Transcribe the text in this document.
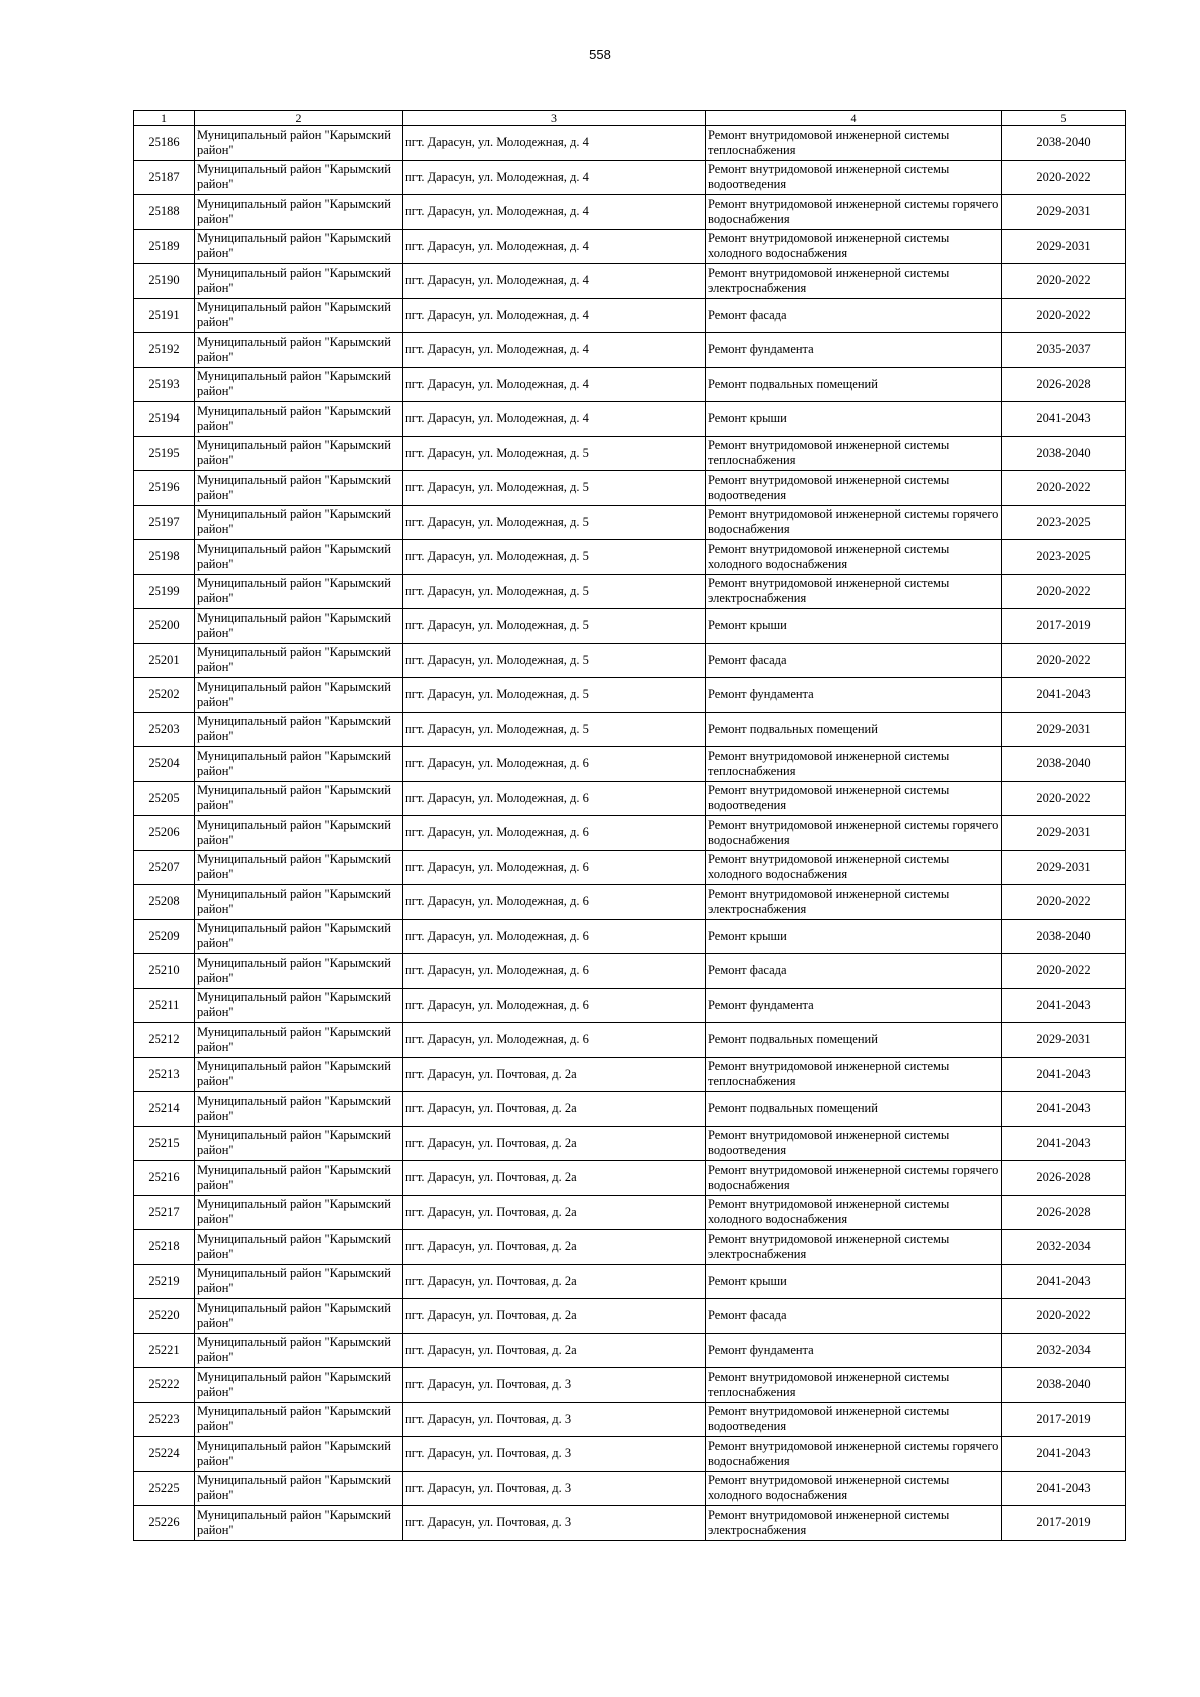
558
1	2	3	4	5
25186	Муниципальный район "Карымский район"	пгт. Дарасун, ул. Молодежная, д. 4	Ремонт внутридомовой инженерной системы теплоснабжения	2038-2040
25187	Муниципальный район "Карымский район"	пгт. Дарасун, ул. Молодежная, д. 4	Ремонт внутридомовой инженерной системы водоотведения	2020-2022
25188	Муниципальный район "Карымский район"	пгт. Дарасун, ул. Молодежная, д. 4	Ремонт внутридомовой инженерной системы горячего водоснабжения	2029-2031
25189	Муниципальный район "Карымский район"	пгт. Дарасун, ул. Молодежная, д. 4	Ремонт внутридомовой инженерной системы холодного водоснабжения	2029-2031
25190	Муниципальный район "Карымский район"	пгт. Дарасун, ул. Молодежная, д. 4	Ремонт внутридомовой инженерной системы электроснабжения	2020-2022
25191	Муниципальный район "Карымский район"	пгт. Дарасун, ул. Молодежная, д. 4	Ремонт фасада	2020-2022
25192	Муниципальный район "Карымский район"	пгт. Дарасун, ул. Молодежная, д. 4	Ремонт фундамента	2035-2037
25193	Муниципальный район "Карымский район"	пгт. Дарасун, ул. Молодежная, д. 4	Ремонт подвальных помещений	2026-2028
25194	Муниципальный район "Карымский район"	пгт. Дарасун, ул. Молодежная, д. 4	Ремонт крыши	2041-2043
25195	Муниципальный район "Карымский район"	пгт. Дарасун, ул. Молодежная, д. 5	Ремонт внутридомовой инженерной системы теплоснабжения	2038-2040
25196	Муниципальный район "Карымский район"	пгт. Дарасун, ул. Молодежная, д. 5	Ремонт внутридомовой инженерной системы водоотведения	2020-2022
25197	Муниципальный район "Карымский район"	пгт. Дарасун, ул. Молодежная, д. 5	Ремонт внутридомовой инженерной системы горячего водоснабжения	2023-2025
25198	Муниципальный район "Карымский район"	пгт. Дарасун, ул. Молодежная, д. 5	Ремонт внутридомовой инженерной системы холодного водоснабжения	2023-2025
25199	Муниципальный район "Карымский район"	пгт. Дарасун, ул. Молодежная, д. 5	Ремонт внутридомовой инженерной системы электроснабжения	2020-2022
25200	Муниципальный район "Карымский район"	пгт. Дарасун, ул. Молодежная, д. 5	Ремонт крыши	2017-2019
25201	Муниципальный район "Карымский район"	пгт. Дарасун, ул. Молодежная, д. 5	Ремонт фасада	2020-2022
25202	Муниципальный район "Карымский район"	пгт. Дарасун, ул. Молодежная, д. 5	Ремонт фундамента	2041-2043
25203	Муниципальный район "Карымский район"	пгт. Дарасун, ул. Молодежная, д. 5	Ремонт подвальных помещений	2029-2031
25204	Муниципальный район "Карымский район"	пгт. Дарасун, ул. Молодежная, д. 6	Ремонт внутридомовой инженерной системы теплоснабжения	2038-2040
25205	Муниципальный район "Карымский район"	пгт. Дарасун, ул. Молодежная, д. 6	Ремонт внутридомовой инженерной системы водоотведения	2020-2022
25206	Муниципальный район "Карымский район"	пгт. Дарасун, ул. Молодежная, д. 6	Ремонт внутридомовой инженерной системы горячего водоснабжения	2029-2031
25207	Муниципальный район "Карымский район"	пгт. Дарасун, ул. Молодежная, д. 6	Ремонт внутридомовой инженерной системы холодного водоснабжения	2029-2031
25208	Муниципальный район "Карымский район"	пгт. Дарасун, ул. Молодежная, д. 6	Ремонт внутридомовой инженерной системы электроснабжения	2020-2022
25209	Муниципальный район "Карымский район"	пгт. Дарасун, ул. Молодежная, д. 6	Ремонт крыши	2038-2040
25210	Муниципальный район "Карымский район"	пгт. Дарасун, ул. Молодежная, д. 6	Ремонт фасада	2020-2022
25211	Муниципальный район "Карымский район"	пгт. Дарасун, ул. Молодежная, д. 6	Ремонт фундамента	2041-2043
25212	Муниципальный район "Карымский район"	пгт. Дарасун, ул. Молодежная, д. 6	Ремонт подвальных помещений	2029-2031
25213	Муниципальный район "Карымский район"	пгт. Дарасун, ул. Почтовая, д. 2а	Ремонт внутридомовой инженерной системы теплоснабжения	2041-2043
25214	Муниципальный район "Карымский район"	пгт. Дарасун, ул. Почтовая, д. 2а	Ремонт подвальных помещений	2041-2043
25215	Муниципальный район "Карымский район"	пгт. Дарасун, ул. Почтовая, д. 2а	Ремонт внутридомовой инженерной системы водоотведения	2041-2043
25216	Муниципальный район "Карымский район"	пгт. Дарасун, ул. Почтовая, д. 2а	Ремонт внутридомовой инженерной системы горячего водоснабжения	2026-2028
25217	Муниципальный район "Карымский район"	пгт. Дарасун, ул. Почтовая, д. 2а	Ремонт внутридомовой инженерной системы холодного водоснабжения	2026-2028
25218	Муниципальный район "Карымский район"	пгт. Дарасун, ул. Почтовая, д. 2а	Ремонт внутридомовой инженерной системы электроснабжения	2032-2034
25219	Муниципальный район "Карымский район"	пгт. Дарасун, ул. Почтовая, д. 2а	Ремонт крыши	2041-2043
25220	Муниципальный район "Карымский район"	пгт. Дарасун, ул. Почтовая, д. 2а	Ремонт фасада	2020-2022
25221	Муниципальный район "Карымский район"	пгт. Дарасун, ул. Почтовая, д. 2а	Ремонт фундамента	2032-2034
25222	Муниципальный район "Карымский район"	пгт. Дарасун, ул. Почтовая, д. 3	Ремонт внутридомовой инженерной системы теплоснабжения	2038-2040
25223	Муниципальный район "Карымский район"	пгт. Дарасун, ул. Почтовая, д. 3	Ремонт внутридомовой инженерной системы водоотведения	2017-2019
25224	Муниципальный район "Карымский район"	пгт. Дарасун, ул. Почтовая, д. 3	Ремонт внутридомовой инженерной системы горячего водоснабжения	2041-2043
25225	Муниципальный район "Карымский район"	пгт. Дарасун, ул. Почтовая, д. 3	Ремонт внутридомовой инженерной системы холодного водоснабжения	2041-2043
25226	Муниципальный район "Карымский район"	пгт. Дарасун, ул. Почтовая, д. 3	Ремонт внутридомовой инженерной системы электроснабжения	2017-2019
